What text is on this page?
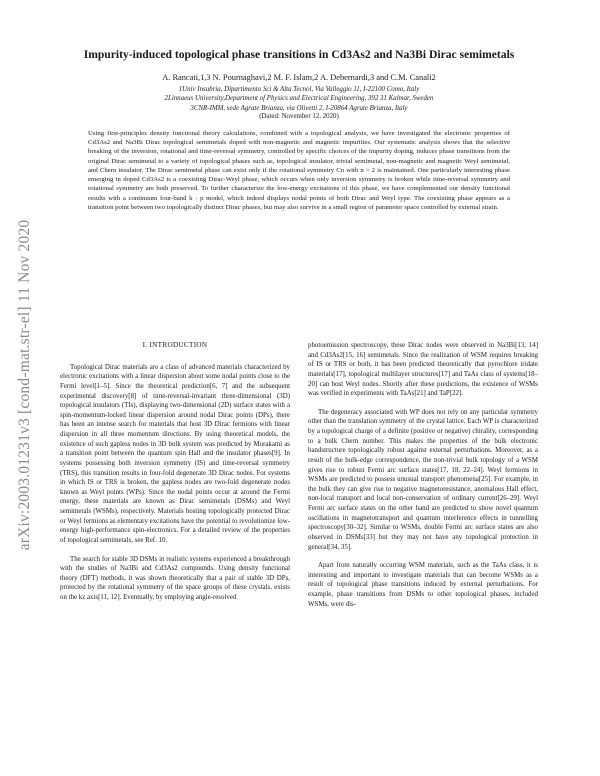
arXiv:2003.01231v3 [cond-mat.str-el] 11 Nov 2020
Impurity-induced topological phase transitions in Cd3As2 and Na3Bi Dirac semimetals
A. Rancati,1,3 N. Pournaghavi,2 M. F. Islam,2 A. Debernardi,3 and C.M. Canali2
1Univ Insubria, Dipartimento Sci & Alta Tecnol, Via Valleggio 11, I-22100 Como, Italy
2Linnaeus University,Department of Physics and Electrical Engineering, 392 31 Kalmar, Sweden
3CNR-IMM, sede Agrate Brianza, via Olivetti 2, I-20864 Agrate Brianza, Italy
(Dated: November 12, 2020)
Using first-principles density functional theory calculations, combined with a topological analysis, we have investigated the electronic properties of Cd3As2 and Na3Bi Dirac topological semimetals doped with non-magnetic and magnetic impurities. Our systematic analysis shows that the selective breaking of the inversion, rotational and time-reversal symmetry, controlled by specific choices of the impurity doping, induces phase transitions from the original Dirac semimetal to a variety of topological phases such as, topological insulator, trivial semimetal, non-magnetic and magnetic Weyl semimetal, and Chern insulator. The Dirac semimetal phase can exist only if the rotational symmetry Cn with n > 2 is maintained. One particularly interesting phase emerging in doped Cd3As2 is a coexisting Dirac-Weyl phase, which occurs when only inversion symmetry is broken while time-reversal symmetry and rotational symmetry are both preserved. To further characterize the low-energy excitations of this phase, we have complemented our density functional results with a continuum four-band k · p model, which indeed displays nodal points of both Dirac and Weyl type. The coexisting phase appears as a transition point between two topologically distinct Dirac phases, but may also survive in a small region of parameter space controlled by external strain.
I. INTRODUCTION

Topological Dirac materials are a class of advanced materials characterized by electronic excitations with a linear dispersion about some nodal points close to the Fermi level[1–5]. Since the theoretical prediction[6, 7] and the subsequent experimental discovery[8] of time-reversal-invariant three-dimensional (3D) topological insulators (TIs), displaying two-dimensional (2D) surface states with a spin-momentum-locked linear dispersion around nodal Dirac points (DPs), there has been an intense search for materials that host 3D Dirac fermions with linear dispersion in all three momentum directions. By using theoretical models, the existence of such gapless nodes in 3D bulk system was predicted by Murakami as a transition point between the quantum spin Hall and the insulator phases[9]. In systems possessing both inversion symmetry (IS) and time-reversal symmetry (TRS), this transition results in four-fold degenerate 3D Dirac nodes. For systems in which IS or TRS is broken, the gapless nodes are two-fold degenerate nodes known as Weyl points (WPs). Since the nodal points occur at around the Fermi energy, these materials are known as Dirac semimetals (DSMs) and Weyl semimetals (WSMs), respectively. Materials hosting topologically protected Dirac or Weyl fermions as elementary excitations have the potential to revolutionize low-energy high-performance spin-electronics. For a detailed review of the properties of topological semimetals, see Ref. 10.

The search for stable 3D DSMs in realistic systems experienced a breakthrough with the studies of Na3Bi and Cd3As2 compounds. Using density functional theory (DFT) methods, it was shown theoretically that a pair of stable 3D DPs, protected by the rotational symmetry of the space groups of these crystals, exists on the kz axis[11, 12]. Eventually, by employing angle-resolved

photoemission spectroscopy, these Dirac nodes were observed in Na3Bi[13, 14] and Cd3As2[15, 16] semimetals. Since the realization of WSM requires breaking of IS or TRS or both, it has been predicted theoretically that pyrochlore iridate materials[17], topological multilayer structures[17] and TaAs class of systems[18–20] can host Weyl nodes. Shortly after these predictions, the existence of WSMs was verified in experiments with TaAs[21] and TaP[22].

The degeneracy associated with WP does not rely on any particular symmetry other than the translation symmetry of the crystal lattice. Each WP is characterized by a topological charge of a definite (positive or negative) chirality, corresponding to a bulk Chern number. This makes the properties of the bulk electronic bandstructure topologically robust against external perturbations. Moreover, as a result of the bulk-edge correspondence, the non-trivial bulk topology of a WSM gives rise to robust Fermi arc surface states[17, 18, 22–24]. Weyl fermions in WSMs are predicted to possess unusual transport phenomena[25]. For example, in the bulk they can give rise to negative magnetoresistance, anomalous Hall effect, non-local transport and local non-conservation of ordinary current[26–29]. Weyl Fermi arc surface states on the other hand are predicted to show novel quantum oscillations in magnetotransport and quantum interference effects in tunnelling spectroscopy[30–32]. Similar to WSMs, double Fermi arc surface states are also observed in DSMs[33] but they may not have any topological protection in general[34, 35].

Apart from naturally occurring WSM materials, such as the TaAs class, it is interesting and important to investigate materials that can become WSMs as a result of topological phase transitions induced by external perturbations. For example, phase transitions from DSMs to other topological phases, included WSMs, were dis-
